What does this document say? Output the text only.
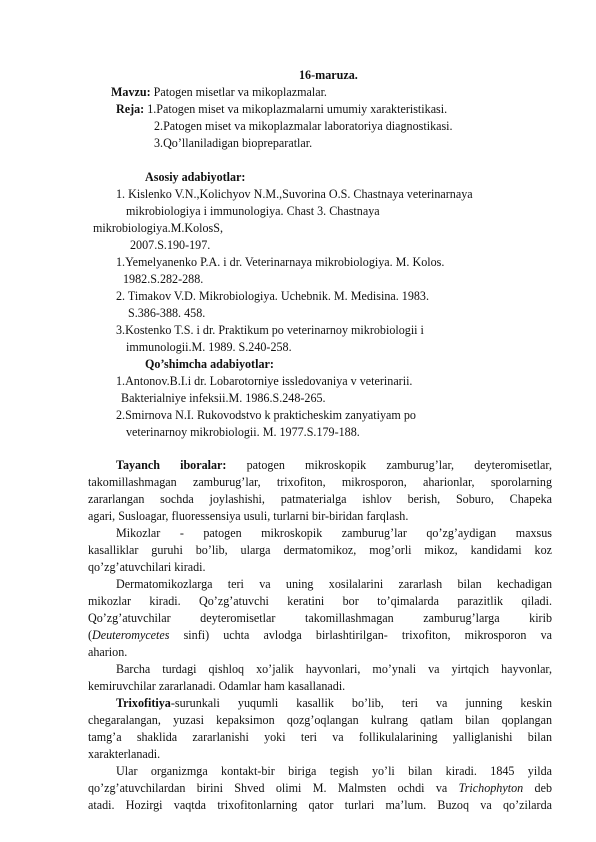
16-maruza.
Mavzu: Patogen misetlar va mikoplazmalar.
Reja: 1.Patogen miset va mikoplazmalarni umumiy xarakteristikasi.
2.Patogen miset va mikoplazmalar laboratoriya diagnostikasi.
3.Qo’llaniladigan biopreparatlar.
Asosiy adabiyotlar:
1. Kislenko V.N.,Kolichyov N.M.,Suvorina O.S. Chastnaya veterinarnaya
mikrobiologiya i immunologiya. Chast 3. Chastnaya
mikrobiologiya.M.KolosS,
2007.S.190-197.
1.Yemelyanenko P.A. i dr. Veterinarnaya mikrobiologiya. M. Kolos.
1982.S.282-288.
2. Timakov V.D. Mikrobiologiya. Uchebnik. M. Medisina. 1983.
S.386-388. 458.
3.Kostenko T.S. i dr. Praktikum po veterinarnoy mikrobiologii i
immunologii.M. 1989. S.240-258.
Qo’shimcha adabiyotlar:
1.Antonov.B.I.i dr. Lobarotorniye issledovaniya v veterinarii.
Bakterialniye infeksii.M. 1986.S.248-265.
2.Smirnova N.I. Rukovodstvo k prakticheskim zanyatiyam po
veterinarnoy mikrobiologii. M. 1977.S.179-188.
Tayanch iboralar: patogen mikroskopik zamburug’lar, deyteromisetlar,
takomillashmagan zamburug’lar, trixofiton, mikrosporon, aharionlar, sporolarning
zararlangan sochda joylashishi, patmaterialga ishlov berish, Soburo, Chapeka
agari, Susloagar, fluoressensiya usuli, turlarni bir-biridan farqlash.
Mikozlar - patogen mikroskopik zamburug’lar qo’zg’aydigan maxsus
kasalliklar guruhi bo’lib, ularga dermatomikoz, mog’orli mikoz, kandidami koz
qo’zg’atuvchilari kiradi.
Dermatomikozlarga teri va uning xosilalarini zararlash bilan kechadigan
mikozlar kiradi. Qo’zg’atuvchi keratini bor to’qimalarda parazitlik qiladi.
Qo’zg’atuvchilar deyteromisetlar takomillashmagan zamburug’larga kirib
(Deuteromycetes sinfi) uchta avlodga birlashtirilgan- trixofiton, mikrosporon va
aharion.
Barcha turdagi qishloq xo’jalik hayvonlari, mo’ynali va yirtqich hayvonlar,
kemiruvchilar zararlanadi. Odamlar ham kasallanadi.
Trixofitiya-surunkali yuqumli kasallik bo’lib, teri va junning keskin
chegaralangan, yuzasi kepaksimon qozg’oqlangan kulrang qatlam bilan qoplangan
tamg’a shaklida zararlanishi yoki teri va follikulalarining yalliglanishi bilan
xarakterlanadi.
Ular organizmga kontakt-bir biriga tegish yo’li bilan kiradi. 1845 yilda
qo’zg’atuvchilardan birini Shved olimi M. Malmsten ochdi va Trichophyton deb
atadi. Hozirgi vaqtda trixofitonlarning qator turlari ma’lum. Buzoq va qo’zilarda
